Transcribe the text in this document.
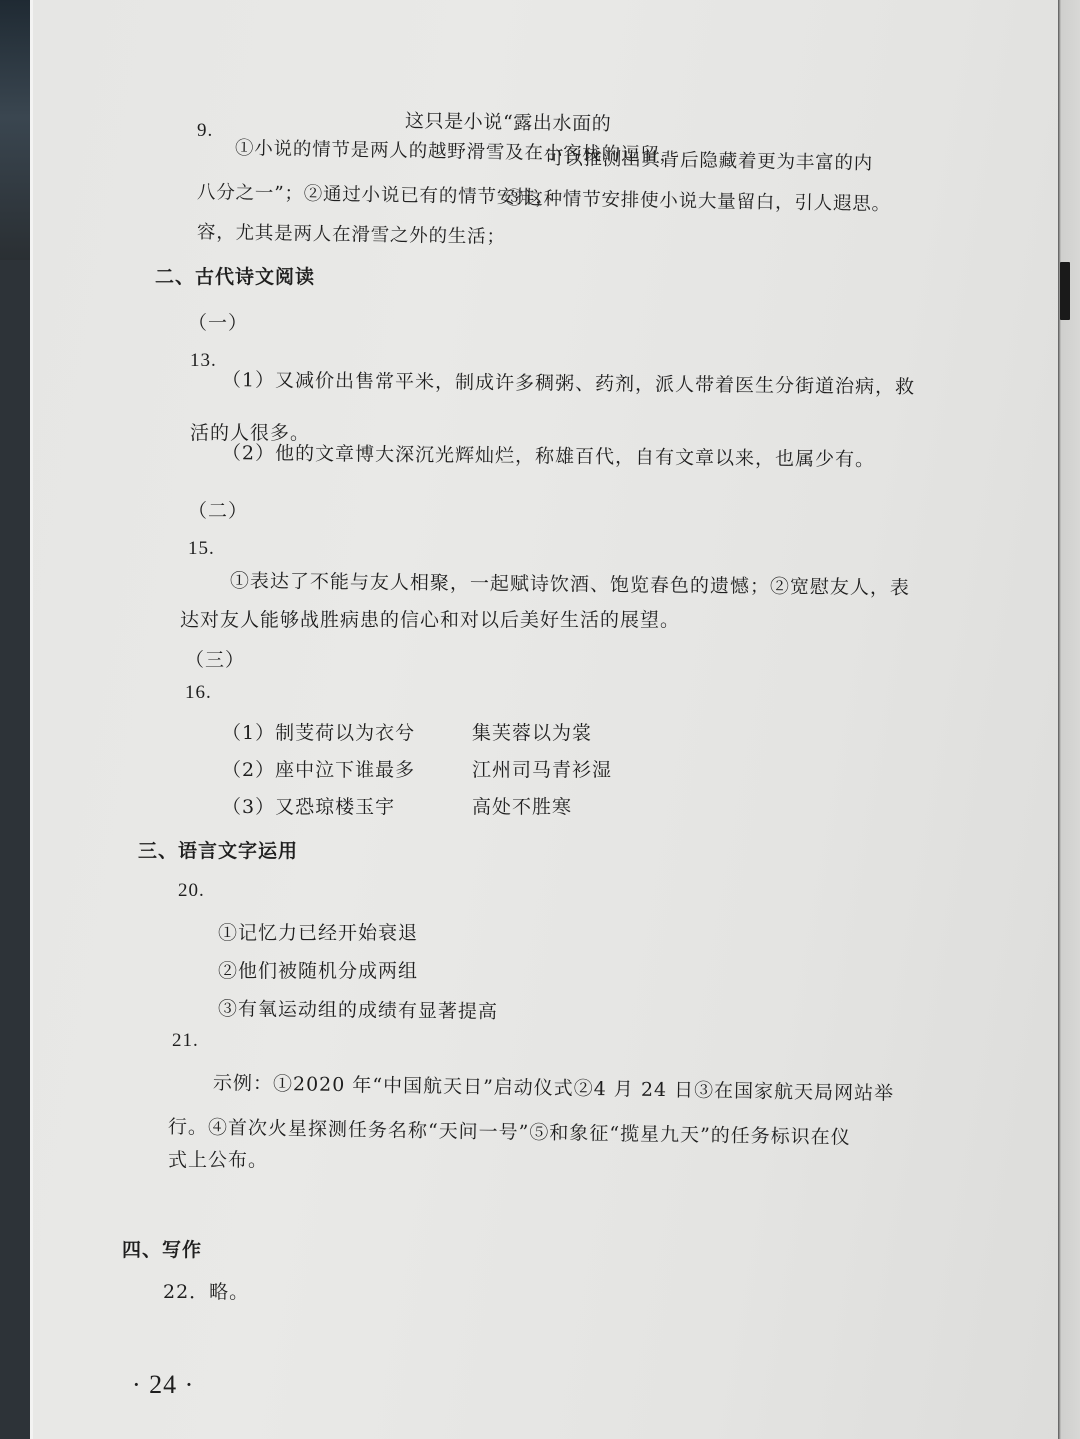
9.	这只是小说“露出水面的
①小说的情节是两人的越野滑雪及在小客栈的逗留，
可以推测出其背后隐藏着更为丰富的内
八分之一”；②通过小说已有的情节安排，
③这种情节安排使小说大量留白，引人遐思。
容，尤其是两人在滑雪之外的生活；
二、古代诗文阅读
（一）
13.
（1）又减价出售常平米，制成许多稠粥、药剂，派人带着医生分街道治病，救
活的人很多。
（2）他的文章博大深沉光辉灿烂，称雄百代，自有文章以来，也属少有。
（二）
15.
①表达了不能与友人相聚，一起赋诗饮酒、饱览春色的遗憾；②宽慰友人，表
达对友人能够战胜病患的信心和对以后美好生活的展望。
（三）
16.
（1）制芰荷以为衣兮	集芙蓉以为裳
（2）座中泣下谁最多	江州司马青衫湿
（3）又恐琼楼玉宇	高处不胜寒
三、语言文字运用
20.
①记忆力已经开始衰退
②他们被随机分成两组
③有氧运动组的成绩有显著提高
21.
示例：①2020 年“中国航天日”启动仪式②4 月 24 日③在国家航天局网站举
行。④首次火星探测任务名称“天问一号”⑤和象征“揽星九天”的任务标识在仪
式上公布。
四、写作
22．略。
· 24 ·
